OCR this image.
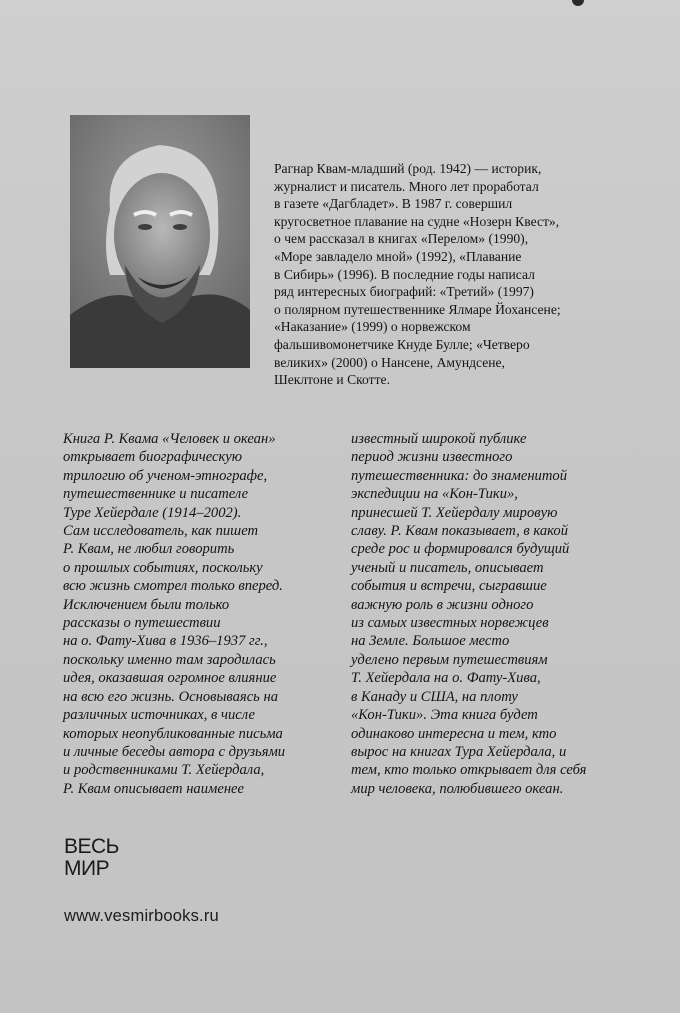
Рагнар Квам-младший (род. 1942) — историк,
журналист и писатель. Много лет проработал
в газете «Дагбладет». В 1987 г. совершил
кругосветное плавание на судне «Нозерн Квест»,
о чем рассказал в книгах «Перелом» (1990),
«Море завладело мной» (1992), «Плавание
в Сибирь» (1996). В последние годы написал
ряд интересных биографий: «Третий» (1997)
о полярном путешественнике Ялмаре Йохансене;
«Наказание» (1999) о норвежском
фальшивомонетчике Кнуде Булле; «Четверо
великих» (2000) о Нансене, Амундсене,
Шеклтоне и Скотте.
Книга Р. Квама «Человек и океан»
открывает биографическую
трилогию об ученом-этнографе,
путешественнике и писателе
Туре Хейердале (1914–2002).
Сам исследователь, как пишет
Р. Квам, не любил говорить
о прошлых событиях, поскольку
всю жизнь смотрел только вперед.
Исключением были только
рассказы о путешествии
на о. Фату-Хива в 1936–1937 гг.,
поскольку именно там зародилась
идея, оказавшая огромное влияние
на всю его жизнь. Основываясь на
различных источниках, в числе
которых неопубликованные письма
и личные беседы автора с друзьями
и родственниками Т. Хейердала,
Р. Квам описывает наименее
известный широкой публике
период жизни известного
путешественника: до знаменитой
экспедиции на «Кон-Тики»,
принесшей Т. Хейердалу мировую
славу. Р. Квам показывает, в какой
среде рос и формировался будущий
ученый и писатель, описывает
события и встречи, сыгравшие
важную роль в жизни одного
из самых известных норвежцев
на Земле. Большое место
уделено первым путешествиям
Т. Хейердала на о. Фату-Хива,
в Канаду и США, на плоту
«Кон-Тики». Эта книга будет
одинаково интересна и тем, кто
вырос на книгах Тура Хейердала, и
тем, кто только открывает для себя
мир человека, полюбившего океан.
ВЕСЬ
МИР
www.vesmirbooks.ru
